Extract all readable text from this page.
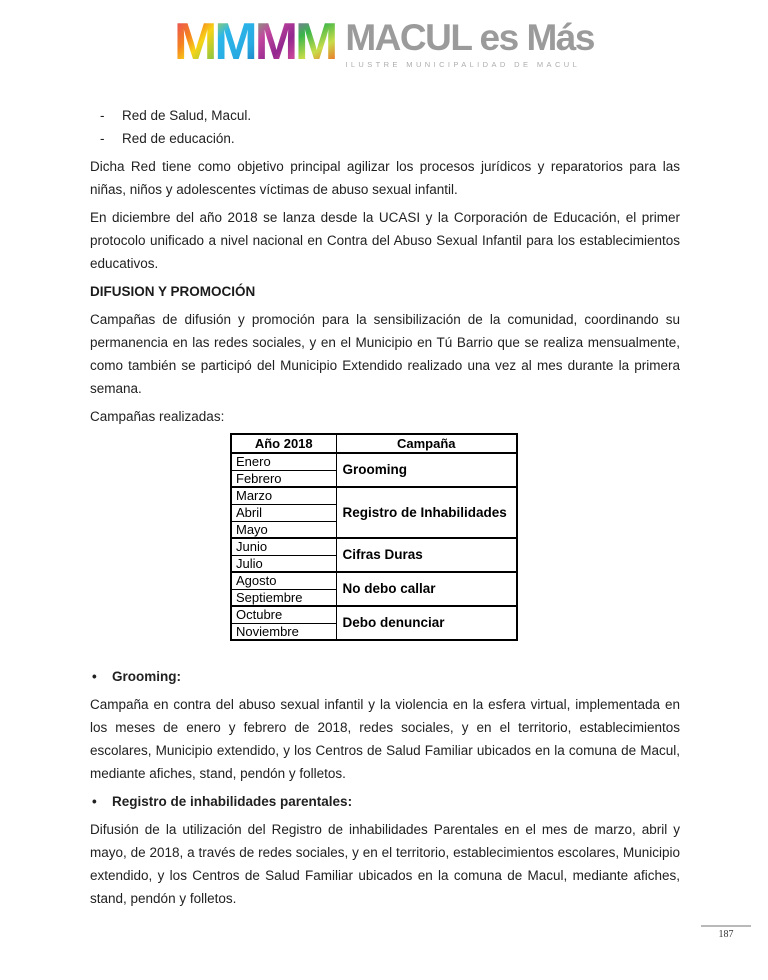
M M M M MACUL es Más
ILUSTRE MUNICIPALIDAD DE MACUL
-	Red de Salud, Macul.
-	Red de educación.

Dicha Red tiene como objetivo principal agilizar los procesos jurídicos y reparatorios para las niñas, niños y adolescentes víctimas de abuso sexual infantil.

En diciembre del año 2018 se lanza desde la UCASI y la Corporación de Educación, el primer protocolo unificado a nivel nacional en Contra del Abuso Sexual Infantil para los establecimientos educativos.

DIFUSION Y PROMOCIÓN

Campañas de difusión y promoción para la sensibilización de la comunidad, coordinando su permanencia en las redes sociales, y en el Municipio en Tú Barrio que se realiza mensualmente, como también se participó del Municipio Extendido realizado una vez al mes durante la primera semana.

Campañas realizadas:

Año 2018	Campaña
Enero	Grooming
Febrero	
Marzo	Registro de Inhabilidades
Abril	
Mayo	
Junio	Cifras Duras
Julio	
Agosto	No debo callar
Septiembre	
Octubre	Debo denunciar
Noviembre	
•	Grooming:

Campaña en contra del abuso sexual infantil y la violencia en la esfera virtual, implementada en los meses de enero y febrero de 2018, redes sociales, y en el territorio, establecimientos escolares, Municipio extendido, y los Centros de Salud Familiar ubicados en la comuna de Macul, mediante afiches, stand, pendón y folletos.

•	Registro de inhabilidades parentales:

Difusión de la utilización del Registro de inhabilidades Parentales en el mes de marzo, abril y mayo, de 2018, a través de redes sociales, y en el territorio, establecimientos escolares, Municipio extendido, y los Centros de Salud Familiar ubicados en la comuna de Macul, mediante afiches, stand, pendón y folletos.

187
